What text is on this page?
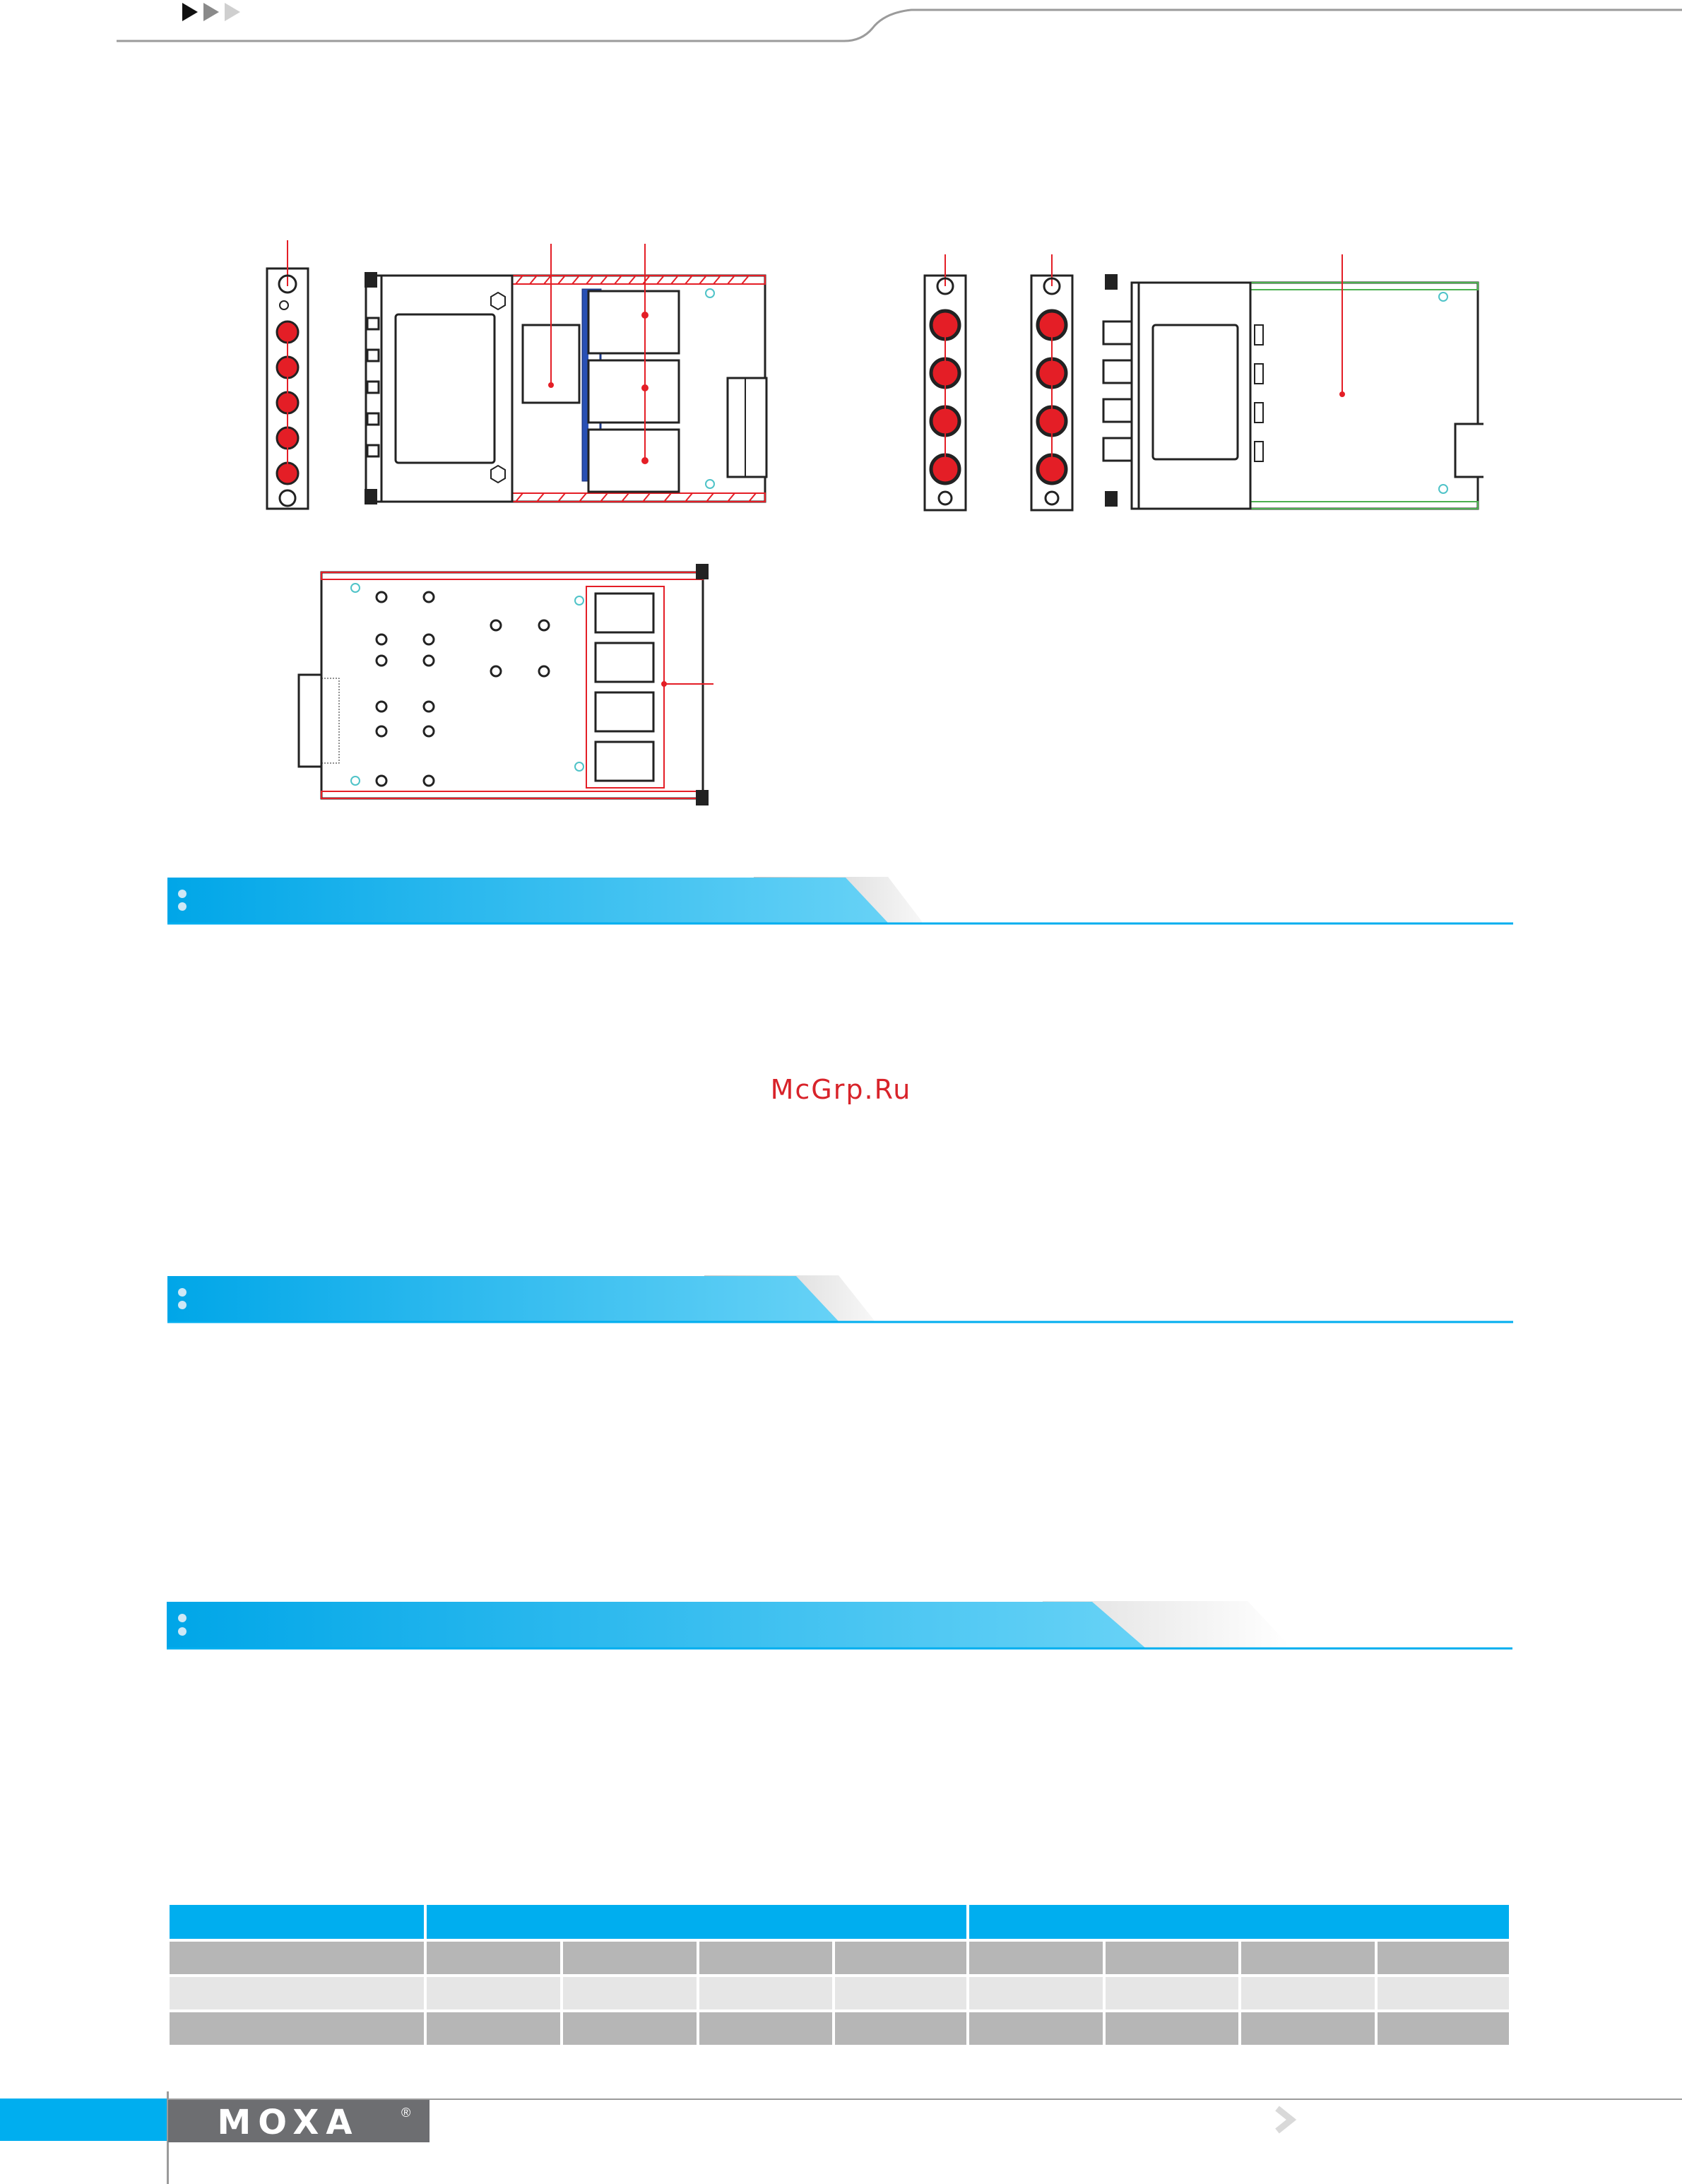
McGrp.Ru
MOXA	®
